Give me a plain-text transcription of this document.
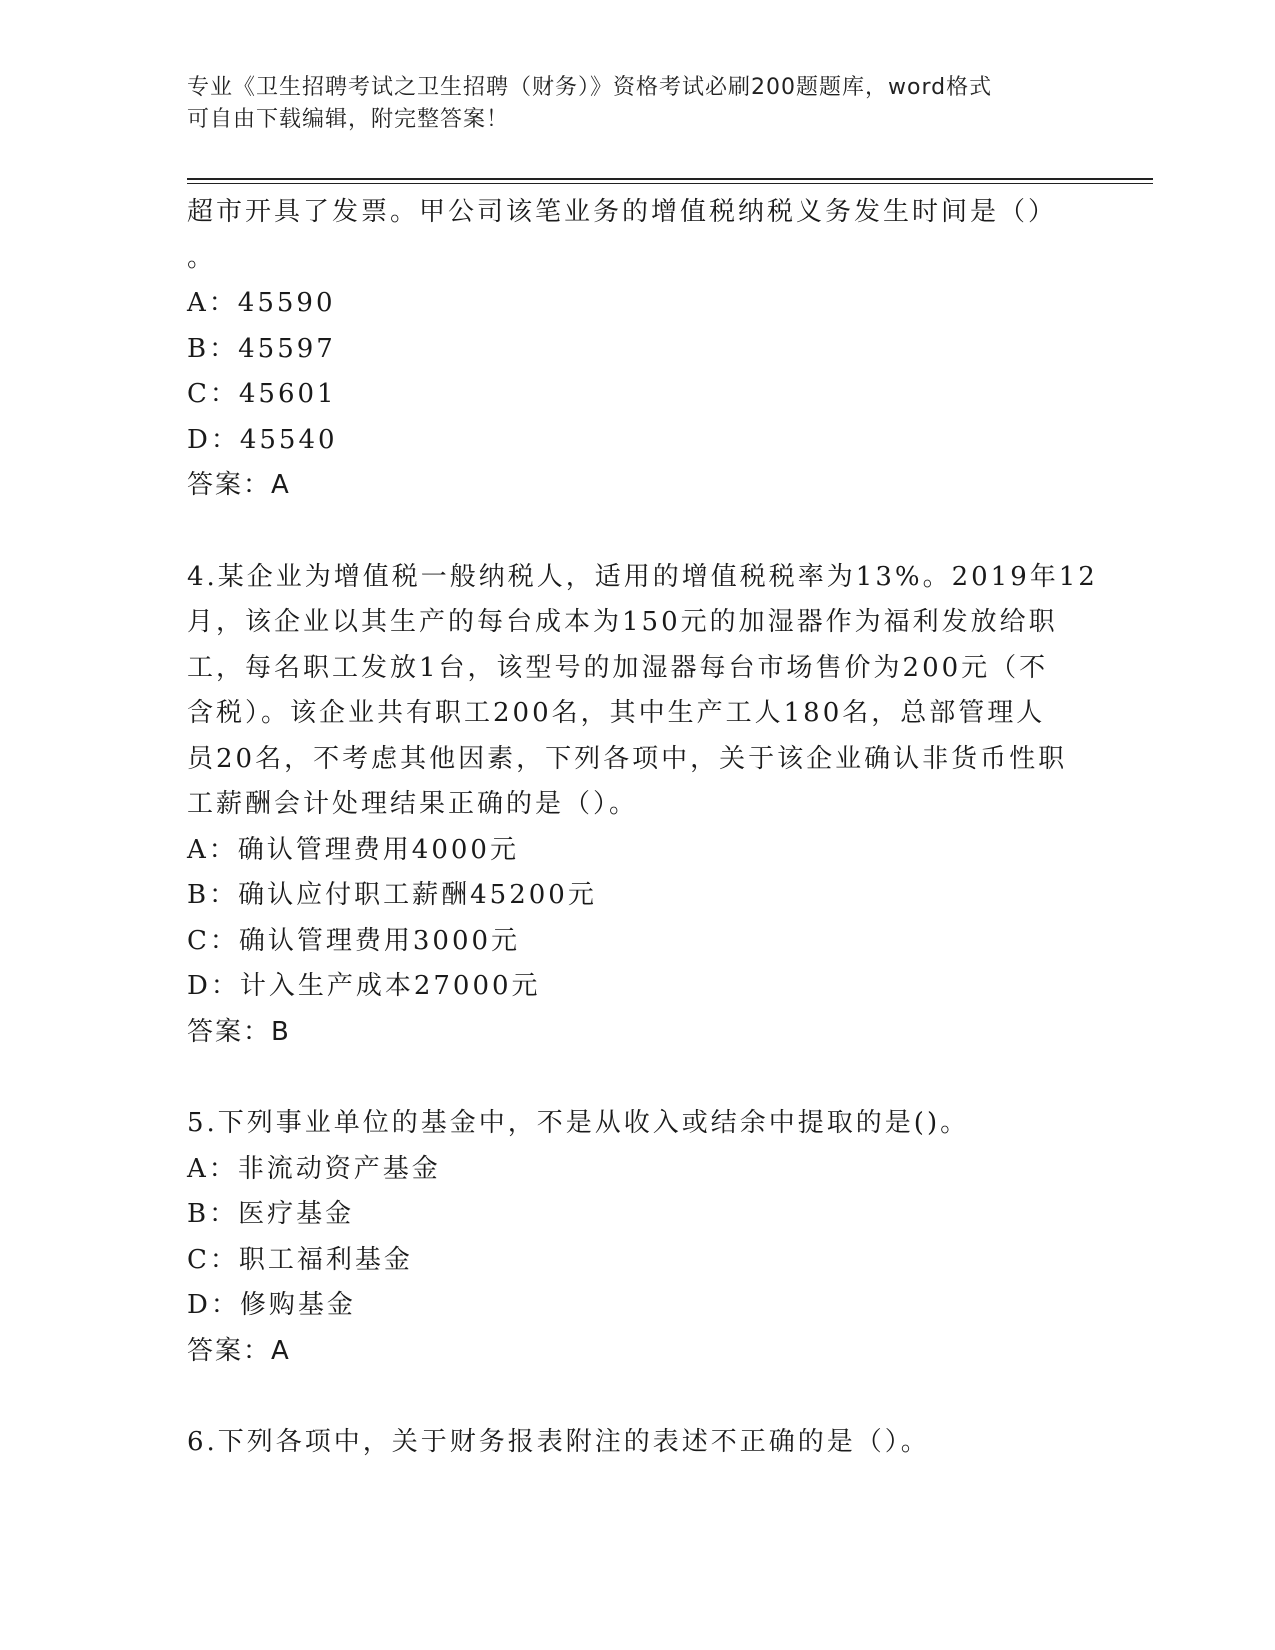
专业《卫生招聘考试之卫生招聘（财务）》资格考试必刷200题题库，word格式
可自由下载编辑，附完整答案！
超市开具了发票。甲公司该笔业务的增值税纳税义务发生时间是（）
。
A：45590
B：45597
C：45601
D：45540
答案：A
4.某企业为增值税一般纳税人，适用的增值税税率为13%。2019年12
月，该企业以其生产的每台成本为150元的加湿器作为福利发放给职
工，每名职工发放1台，该型号的加湿器每台市场售价为200元（不
含税）。该企业共有职工200名，其中生产工人180名，总部管理人
员20名，不考虑其他因素，下列各项中，关于该企业确认非货币性职
工薪酬会计处理结果正确的是（）。
A：确认管理费用4000元
B：确认应付职工薪酬45200元
C：确认管理费用3000元
D：计入生产成本27000元
答案：B
5.下列事业单位的基金中，不是从收入或结余中提取的是()。
A：非流动资产基金
B：医疗基金
C：职工福利基金
D：修购基金
答案：A
6.下列各项中，关于财务报表附注的表述不正确的是（）。
